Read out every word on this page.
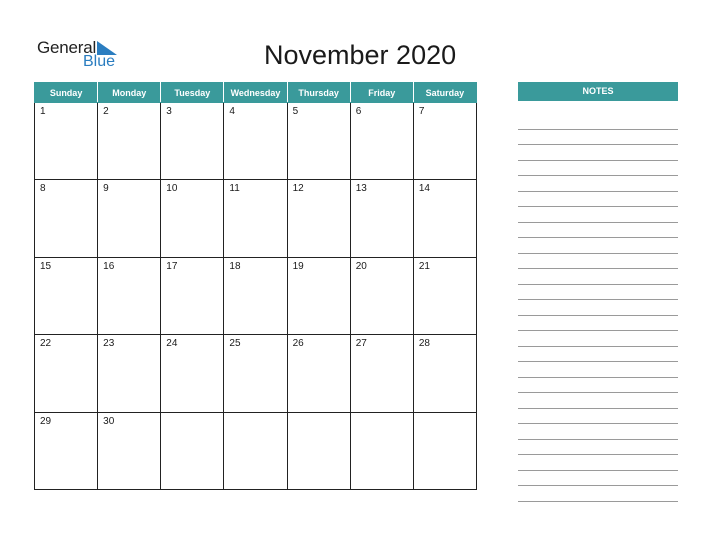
General
Blue	November 2020
Sunday	Monday	Tuesday	Wednesday	Thursday	Friday	Saturday

1	2	3	4	5	6	7

8	9	10	11	12	13	14

15	16	17	18	19	20	21

22	23	24	25	26	27	28

29	30					

NOTES
